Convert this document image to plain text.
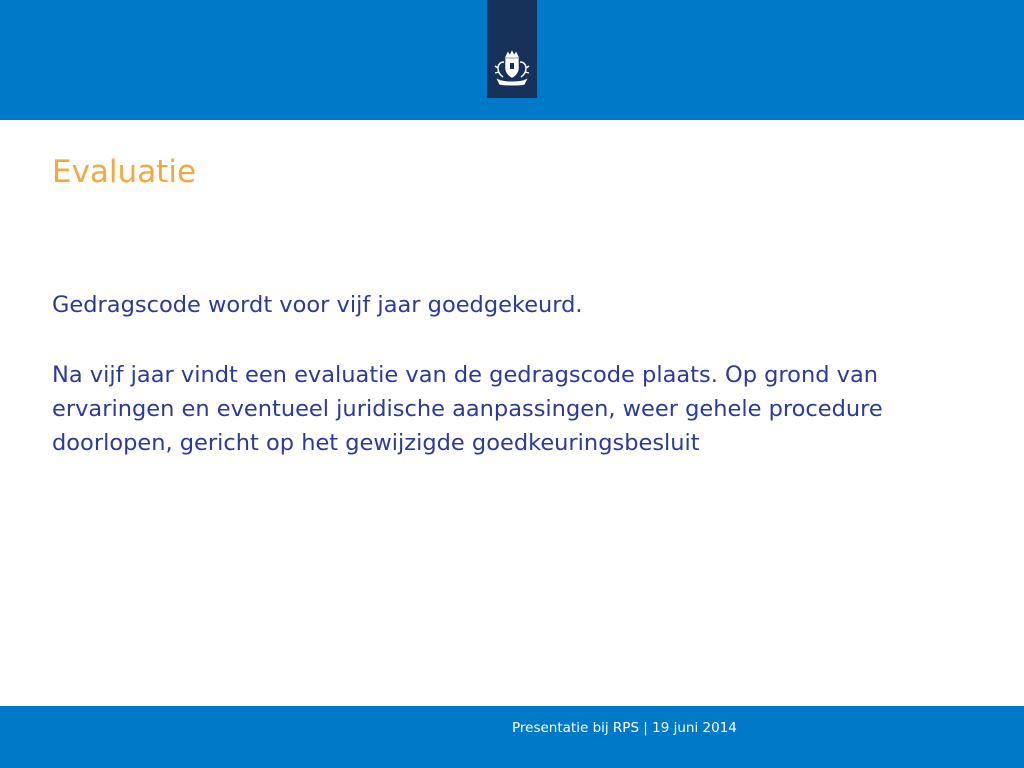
Evaluatie

Gedragscode wordt voor vijf jaar goedgekeurd.

Na vijf jaar vindt een evaluatie van de gedragscode plaats. Op grond van ervaringen en eventueel juridische aanpassingen, weer gehele procedure doorlopen, gericht op het gewijzigde goedkeuringsbesluit

Presentatie bij RPS | 19 juni 2014
